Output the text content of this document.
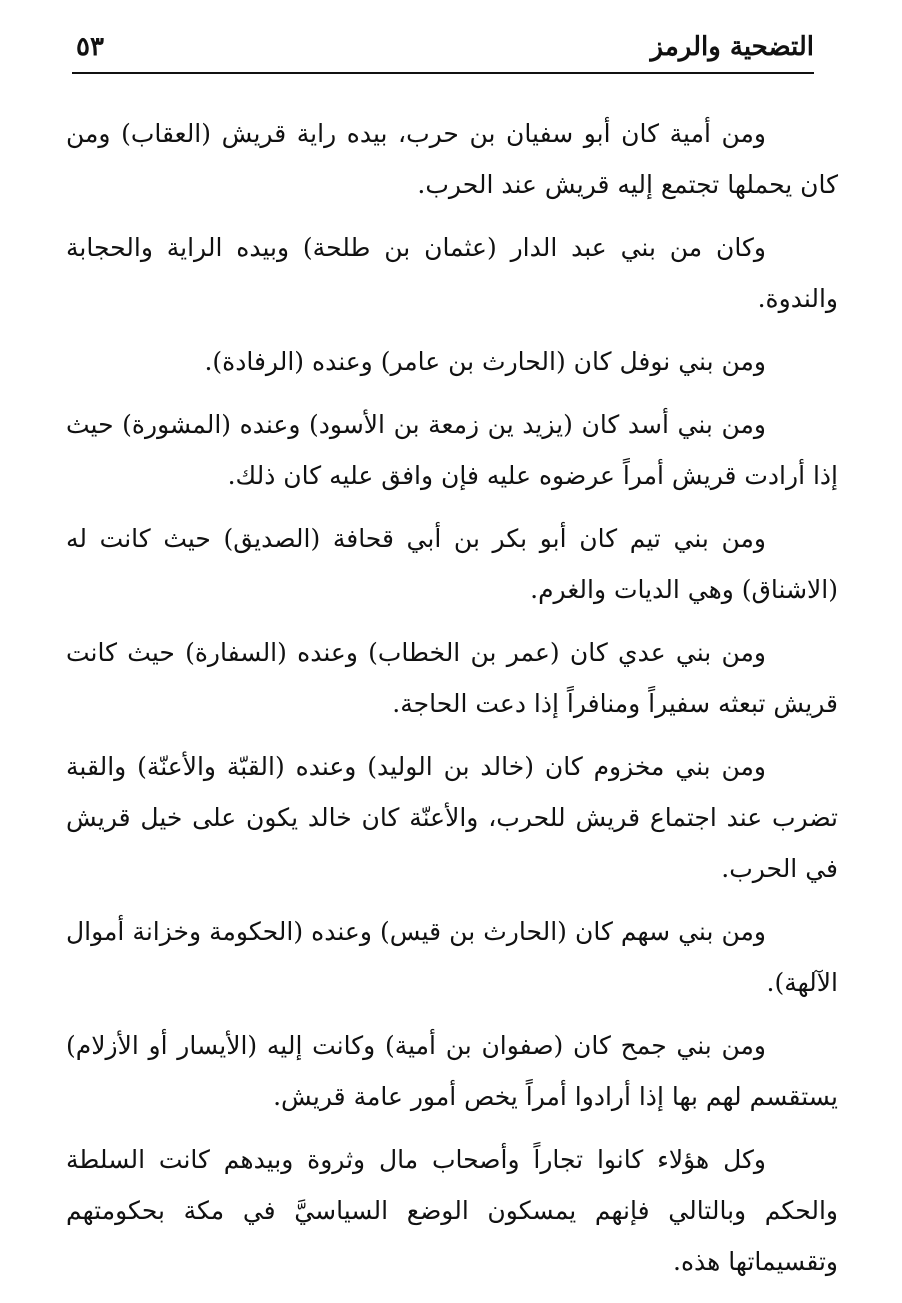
التضحية والرمز
٥٣

ومن أمية كان أبو سفيان بن حرب، بيده راية قريش (العقاب) ومن كان يحملها تجتمع إليه قريش عند الحرب.

وكان من بني عبد الدار (عثمان بن طلحة) وبيده الراية والحجابة والندوة.

ومن بني نوفل كان (الحارث بن عامر) وعنده (الرفادة).

ومن بني أسد كان (يزيد ين زمعة بن الأسود) وعنده (المشورة) حيث إذا أرادت قريش أمراً عرضوه عليه فإن وافق عليه كان ذلك.

ومن بني تيم كان أبو بكر بن أبي قحافة (الصديق) حيث كانت له (الاشناق) وهي الديات والغرم.

ومن بني عدي كان (عمر بن الخطاب) وعنده (السفارة) حيث كانت قريش تبعثه سفيراً ومنافراً إذا دعت الحاجة.

ومن بني مخزوم كان (خالد بن الوليد) وعنده (القبّة والأعنّة) والقبة تضرب عند اجتماع قريش للحرب، والأعنّة كان خالد يكون على خيل قريش في الحرب.

ومن بني سهم كان (الحارث بن قيس) وعنده (الحكومة وخزانة أموال الآلهة).

ومن بني جمح كان (صفوان بن أمية) وكانت إليه (الأيسار أو الأزلام) يستقسم لهم بها إذا أرادوا أمراً يخص أمور عامة قريش.

وكل هؤلاء كانوا تجاراً وأصحاب مال وثروة وبيدهم كانت السلطة والحكم وبالتالي فإنهم يمسكون الوضع السياسيَّ في مكة بحكومتهم وتقسيماتها هذه.
